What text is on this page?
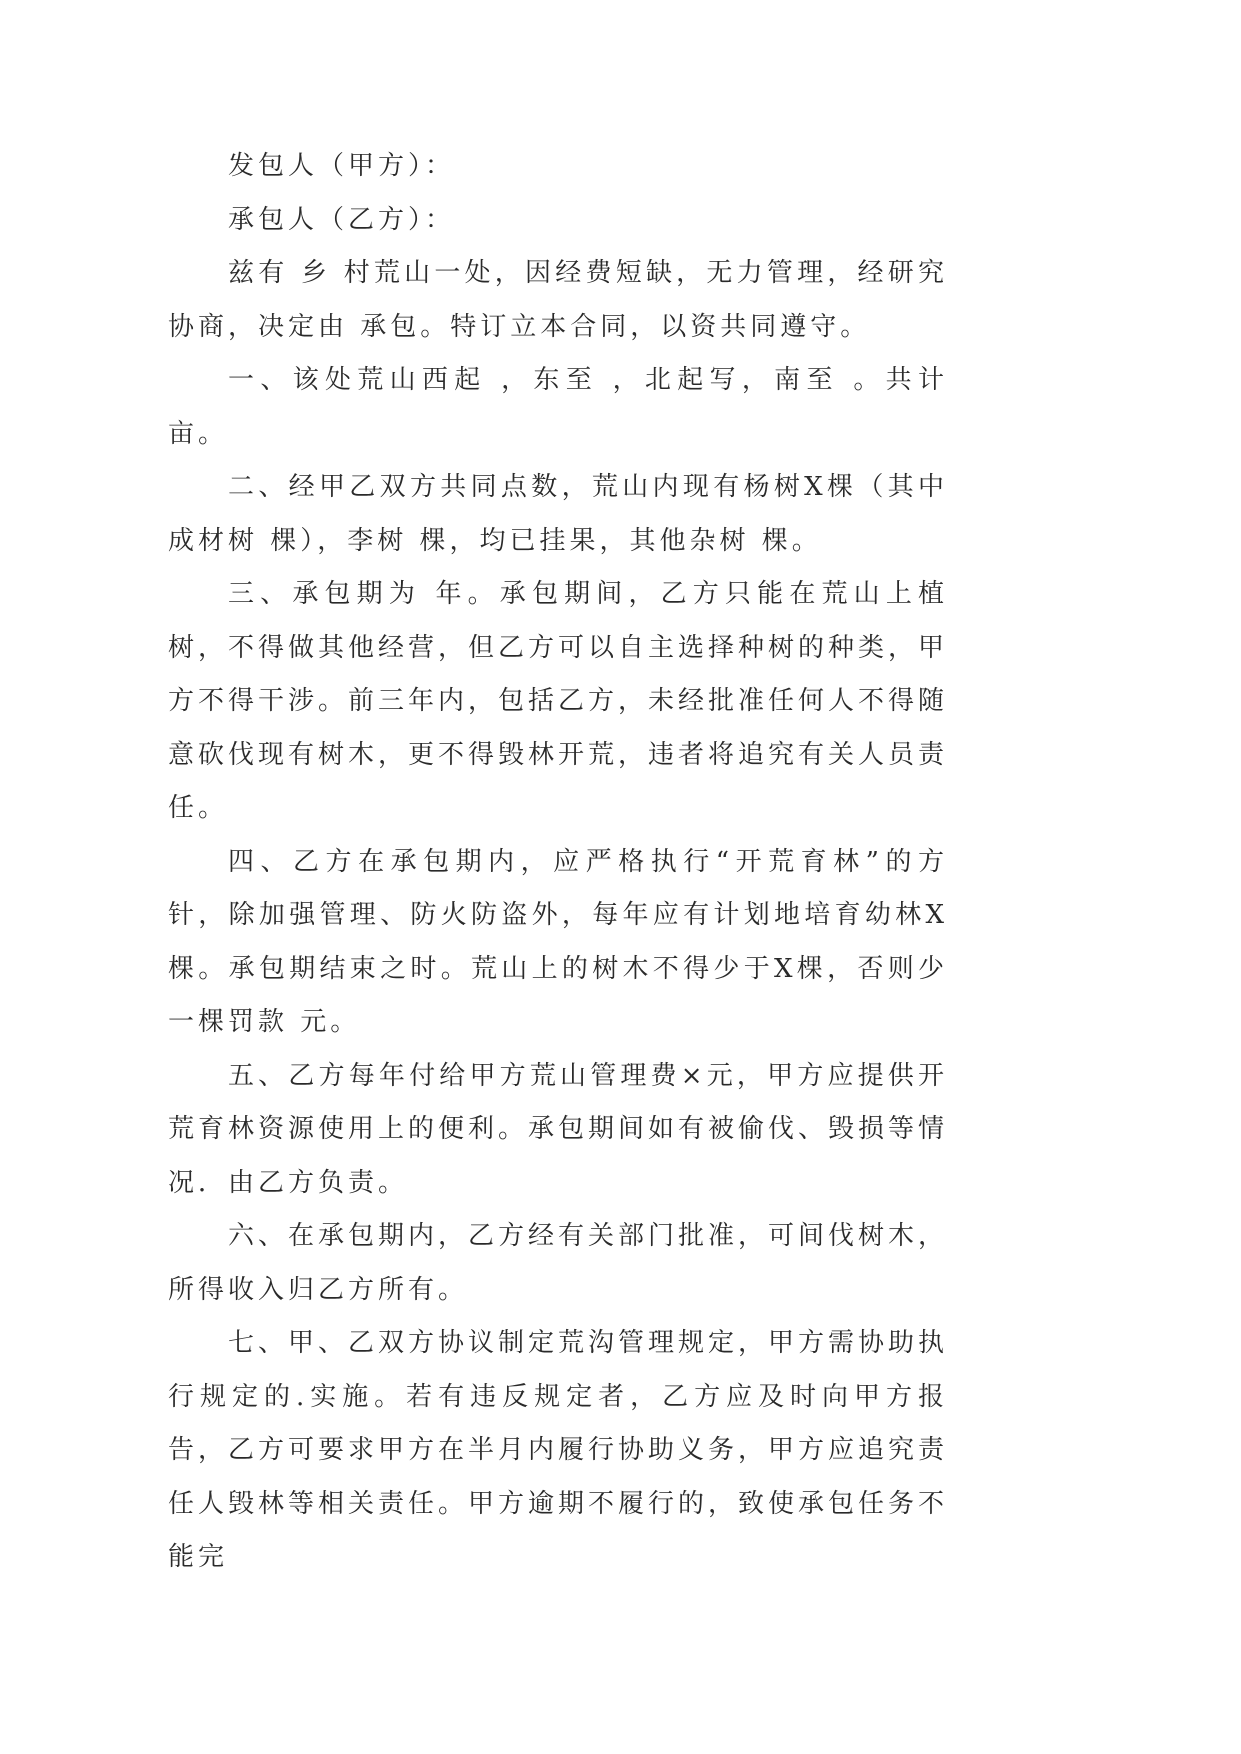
发包人（甲方）：

承包人（乙方）：

兹有 乡 村荒山一处，因经费短缺，无力管理，经研究协商，决定由 承包。特订立本合同，以资共同遵守。

一、该处荒山西起 ，东至 ，北起写，南至 。共计 亩。

二、经甲乙双方共同点数，荒山内现有杨树X棵（其中成材树 棵），李树 棵，均已挂果，其他杂树 棵。

三、承包期为 年。承包期间，乙方只能在荒山上植树，不得做其他经营，但乙方可以自主选择种树的种类，甲方不得干涉。前三年内，包括乙方，未经批准任何人不得随意砍伐现有树木，更不得毁林开荒，违者将追究有关人员责任。

四、乙方在承包期内，应严格执行“开荒育林”的方针，除加强管理、防火防盗外，每年应有计划地培育幼林X棵。承包期结束之时。荒山上的树木不得少于X棵，否则少一棵罚款 元。

五、乙方每年付给甲方荒山管理费×元，甲方应提供开荒育林资源使用上的便利。承包期间如有被偷伐、毁损等情况．由乙方负责。

六、在承包期内，乙方经有关部门批准，可间伐树木，所得收入归乙方所有。

七、甲、乙双方协议制定荒沟管理规定，甲方需协助执行规定的.实施。若有违反规定者，乙方应及时向甲方报告，乙方可要求甲方在半月内履行协助义务，甲方应追究责任人毁林等相关责任。甲方逾期不履行的，致使承包任务不能完
